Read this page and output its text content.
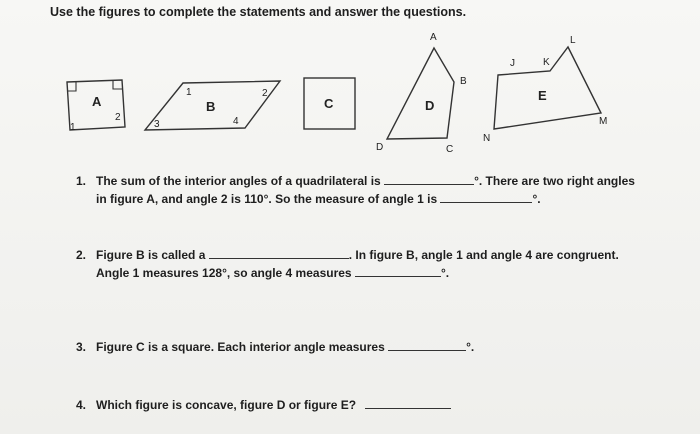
Use the figures to complete the statements and answer the questions.
A
2
1
B
1	2
3	4
C	D
A
B
C
D
E
J	K
L
M
N
1. The sum of the interior angles of a quadrilateral is	°. There are two right angles
in figure A, and angle 2 is 110°. So the measure of angle 1 is	°.
2. Figure B is called a	. In figure B, angle 1 and angle 4 are congruent.
Angle 1 measures 128°, so angle 4 measures	°.
3. Figure C is a square. Each interior angle measures	°.
4. Which figure is concave, figure D or figure E?
